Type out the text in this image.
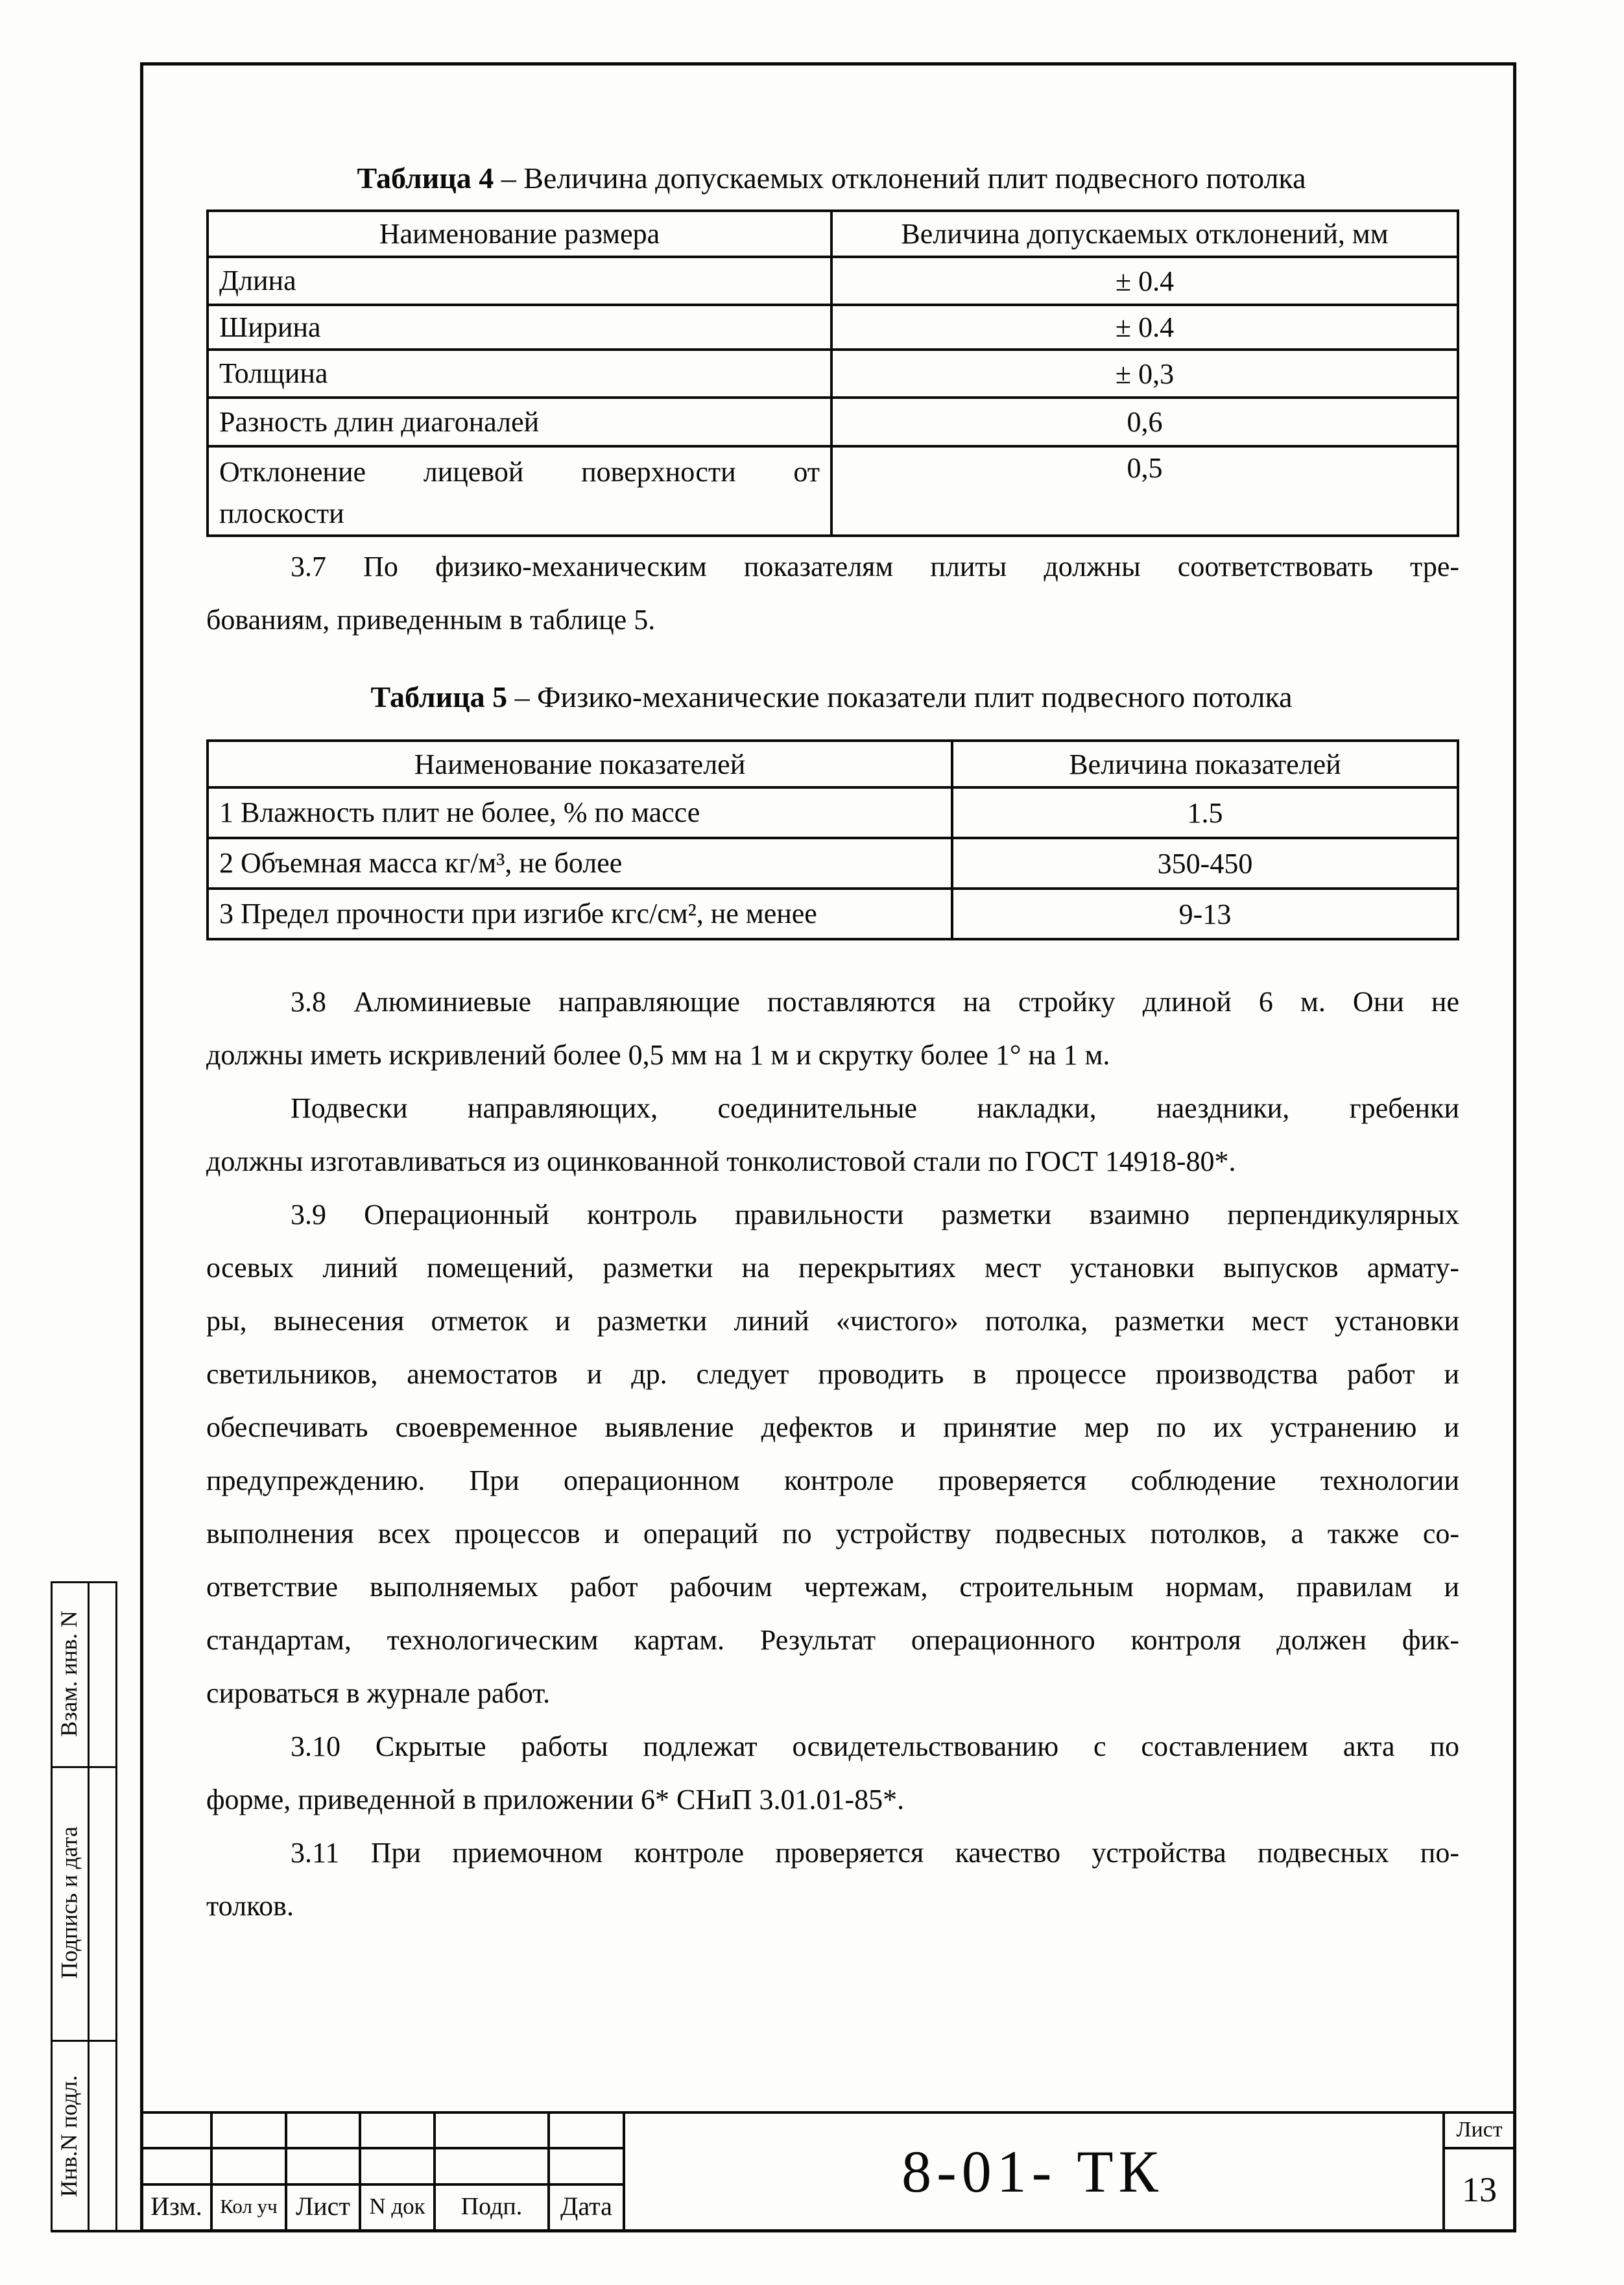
Таблица 4 – Величина допускаемых отклонений плит подвесного потолка
Наименование размера	Величина допускаемых отклонений, мм

Длина	± 0.4

Ширина	± 0.4

Толщина	± 0,3

Разность длин диагоналей	0,6

Отклонение лицевой поверхности от
плоскости	0,5
3.7 По физико-механическим показателям плиты должны соответствовать тре-
бованиям, приведенным в таблице 5.
Таблица 5 – Физико-механические показатели плит подвесного потолка
Наименование показателей	Величина показателей

1 Влажность плит не более, % по массе	1.5

2 Объемная масса кг/м³, не более	350-450

3 Предел прочности при изгибе кгс/см², не менее	9-13
3.8 Алюминиевые направляющие поставляются на стройку длиной 6 м. Они не
должны иметь искривлений более 0,5 мм на 1 м и скрутку более 1° на 1 м.
Подвески направляющих, соединительные накладки, наездники, гребенки
должны изготавливаться из оцинкованной тонколистовой стали по ГОСТ 14918-80*.
3.9 Операционный контроль правильности разметки взаимно перпендикулярных
осевых линий помещений, разметки на перекрытиях мест установки выпусков армату-
ры, вынесения отметок и разметки линий «чистого» потолка, разметки мест установки
светильников, анемостатов и др. следует проводить в процессе производства работ и
обеспечивать своевременное выявление дефектов и принятие мер по их устранению и
предупреждению. При операционном контроле проверяется соблюдение технологии
выполнения всех процессов и операций по устройству подвесных потолков, а также со-
ответствие выполняемых работ рабочим чертежам, строительным нормам, правилам и
стандартам, технологическим картам. Результат операционного контроля должен фик-
сироваться в журнале работ.
3.10 Скрытые работы подлежат освидетельствованию с составлением акта по
форме, приведенной в приложении 6* СНиП 3.01.01-85*.
3.11 При приемочном контроле проверяется качество устройства подвесных по-
толков.
Изм. Кол уч Лист N док	Подп.	Дата
8-01- ТК
Лист
13
Взам. инв. N
Подпись и дата
Инв.N подл.
